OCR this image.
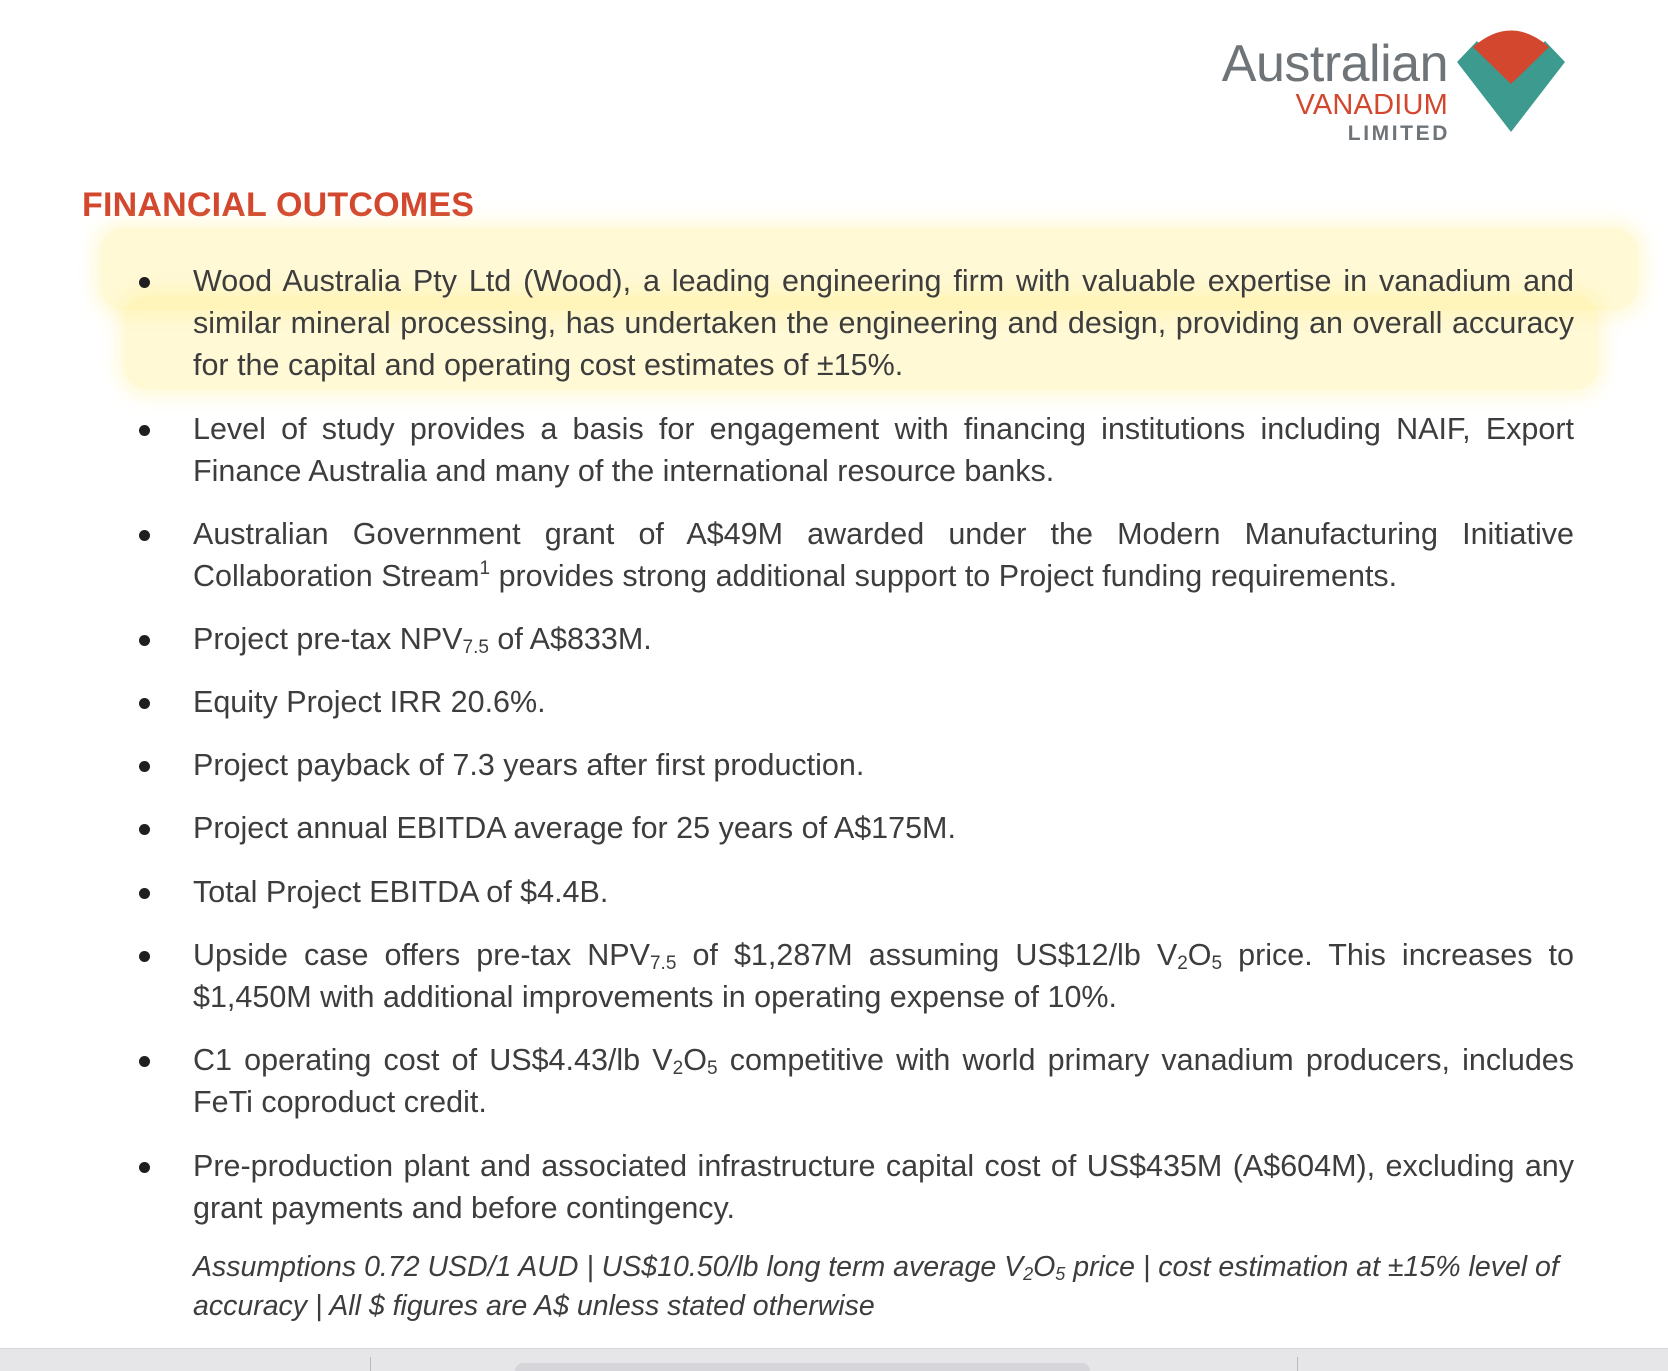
Australian
VANADIUM
LIMITED
FINANCIAL OUTCOMES

Wood Australia Pty Ltd (Wood), a leading engineering firm with valuable expertise in vanadium and similar mineral processing, has undertaken the engineering and design, providing an overall accuracy for the capital and operating cost estimates of ±15%.

Level of study provides a basis for engagement with financing institutions including NAIF, Export Finance Australia and many of the international resource banks.

Australian Government grant of A$49M awarded under the Modern Manufacturing Initiative Collaboration Stream$^1$ provides strong additional support to Project funding requirements.

Project pre-tax $NPV_{7.5}$ of A$833M.

Equity Project IRR 20.6%.

Project payback of 7.3 years after first production.

Project annual EBITDA average for 25 years of A$175M.

Total Project EBITDA of $4.4B.

Upside case offers pre-tax $NPV_{7.5}$ of $1,287M assuming US$12/lb $V_2O_5$ price. This increases to $1,450M with additional improvements in operating expense of 10%.

C1 operating cost of US$4.43/lb $V_2O_5$ competitive with world primary vanadium producers, includes FeTi coproduct credit.

Pre-production plant and associated infrastructure capital cost of US$435M (A$604M), excluding any grant payments and before contingency.

Assumptions 0.72 USD/1 AUD | US$10.50/lb long term average $V_2O_5$ price | cost estimation at ±15% level of accuracy | All $ figures are A$ unless stated otherwise
